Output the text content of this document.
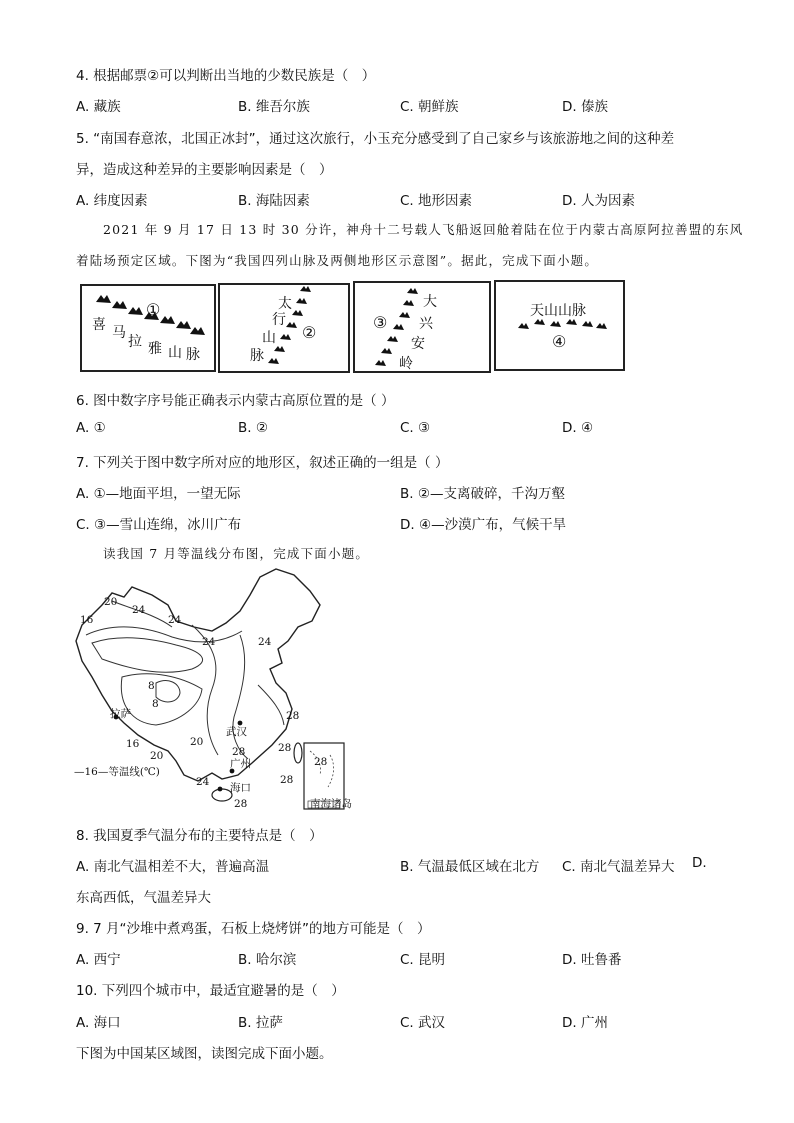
4. 根据邮票②可以判断出当地的少数民族是（　）
A. 藏族	B. 维吾尔族	C. 朝鲜族	D. 傣族
5. “南国春意浓，北国正冰封”，通过这次旅行，小玉充分感受到了自己家乡与该旅游地之间的这种差
异，造成这种差异的主要影响因素是（　）
A. 纬度因素	B. 海陆因素	C. 地形因素	D. 人为因素
2021 年 9 月 17 日 13 时 30 分许，神舟十二号载人飞船返回舱着陆在位于内蒙古高原阿拉善盟的东风
着陆场预定区域。下图为“我国四列山脉及两侧地形区示意图”。据此，完成下面小题。
①
喜 马
拉 雅 山 脉
太
行
山
脉
②
大
兴
安
岭
③
天山山脉
④
6. 图中数字序号能正确表示内蒙古高原位置的是（ ）
A. ①	B. ②	C. ③	D. ④
7. 下列关于图中数字所对应的地形区，叙述正确的一组是（ ）
A. ①—地面平坦，一望无际	B. ②—支离破碎，千沟万壑
C. ③—雪山连绵，冰川广布	D. ④—沙漠广布，气候干旱
读我国 7 月等温线分布图，完成下面小题。
20
24
16	24
24	24
8
8
16
20
20
28
28	28
24	28
28
拉萨
武汉
广州
海口
—16—等温线(℃)
28
南海诸岛
8. 我国夏季气温分布的主要特点是（　）
A. 南北气温相差不大，普遍高温	B. 气温最低区域在北方 C. 南北气温差异大 D.
东高西低，气温差异大
9. 7 月“沙堆中煮鸡蛋，石板上烧烤饼”的地方可能是（　）
A. 西宁	B. 哈尔滨	C. 昆明	D. 吐鲁番
10. 下列四个城市中，最适宜避暑的是（　）
A. 海口	B. 拉萨	C. 武汉	D. 广州
下图为中国某区域图，读图完成下面小题。
